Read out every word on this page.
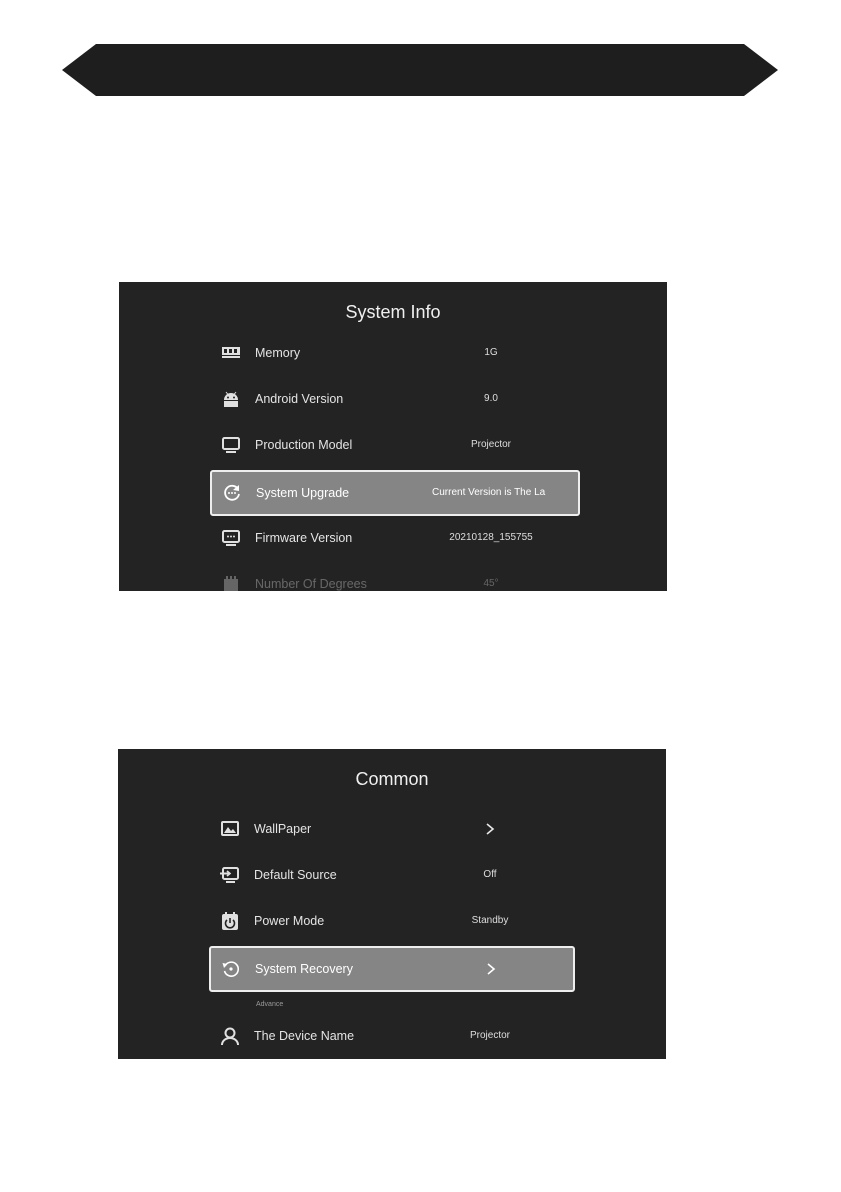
System Info
Memory	1G
Android Version	9.0
Production Model	Projector
System Upgrade	Current Version is The La
Firmware Version	20210128_155755
Number Of Degrees	45°
Common
WallPaper
Default Source	Off
Power Mode	Standby
System Recovery
Advance
The Device Name	Projector
